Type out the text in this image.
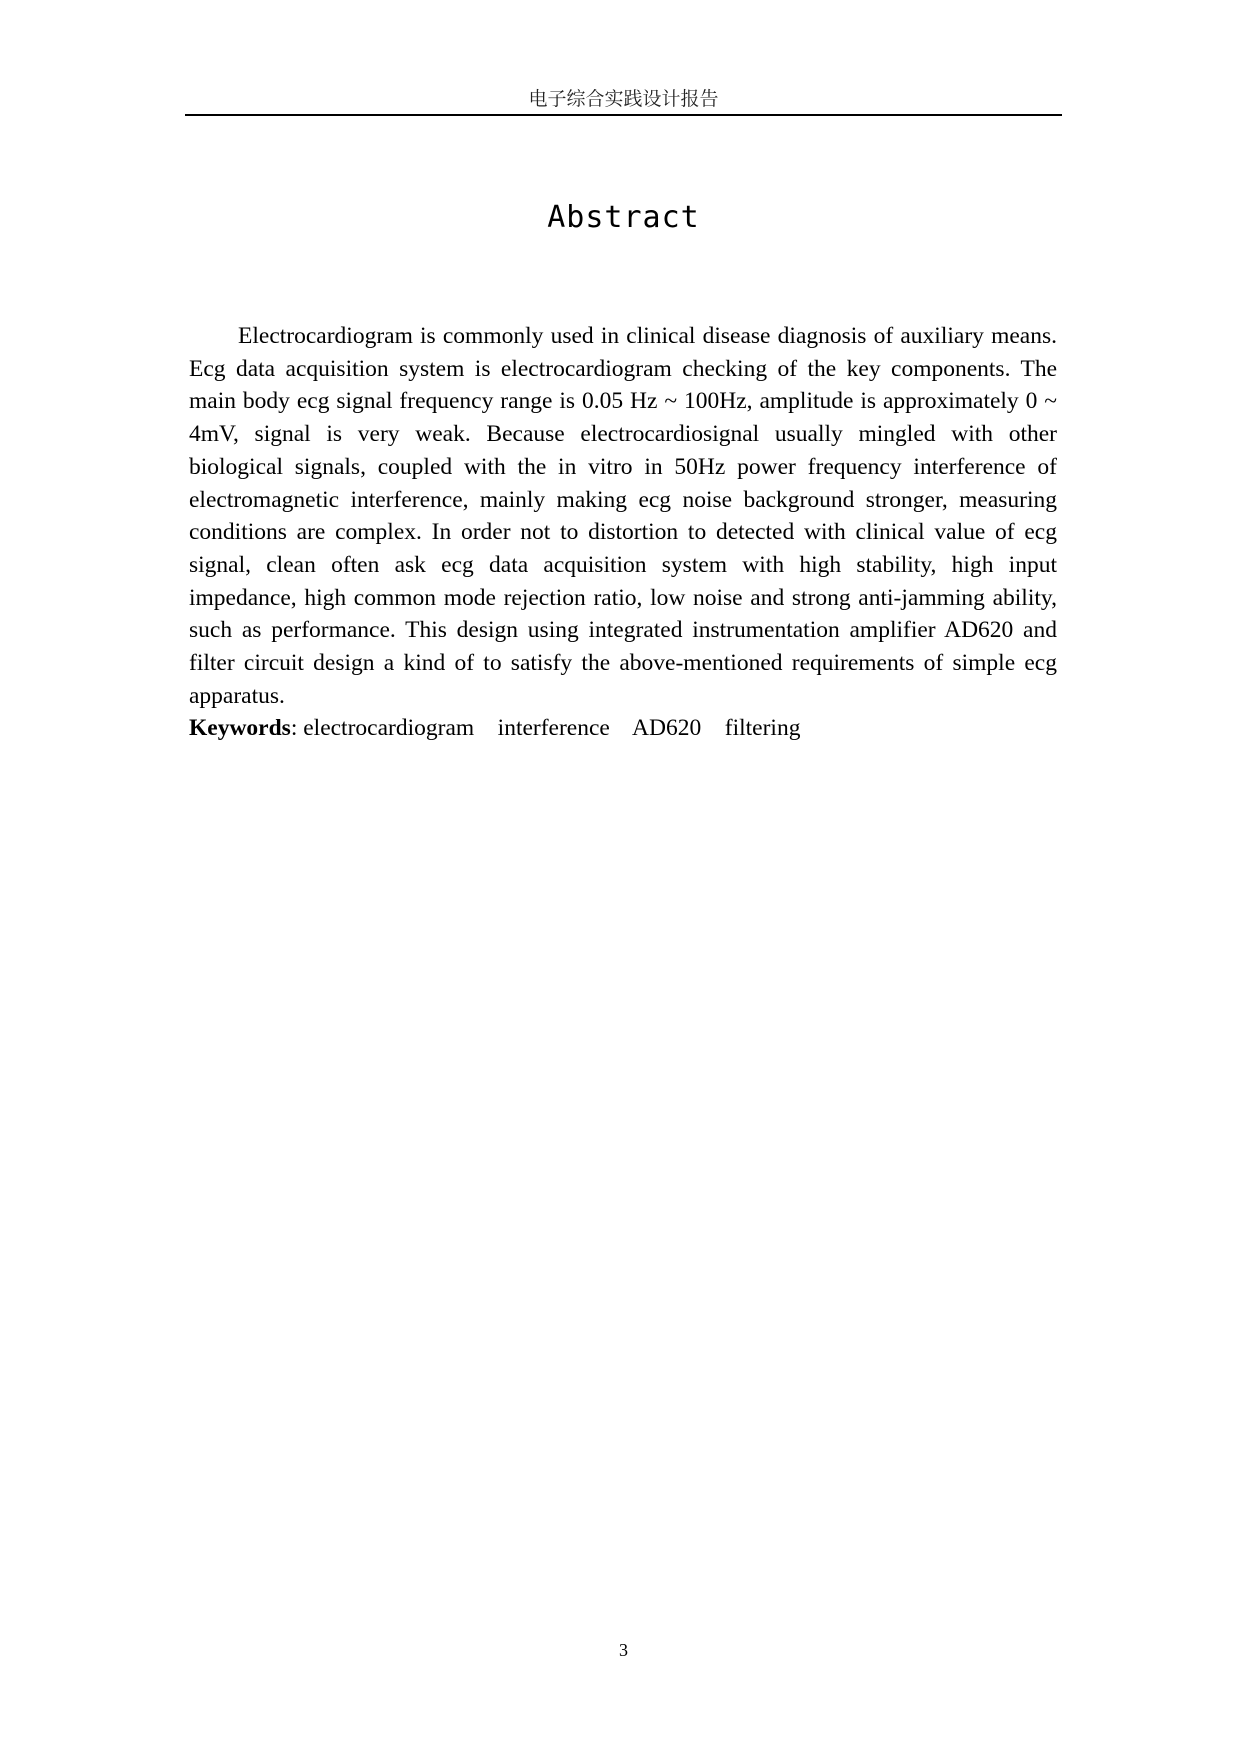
电子综合实践设计报告
Abstract

Electrocardiogram is commonly used in clinical disease diagnosis of auxiliary means. Ecg data acquisition system is electrocardiogram checking of the key components. The main body ecg signal frequency range is 0.05 Hz ~ 100Hz, amplitude is approximately 0 ~ 4mV, signal is very weak. Because electrocardiosignal usually mingled with other biological signals, coupled with the in vitro in 50Hz power frequency interference of electromagnetic interference, mainly making ecg noise background stronger, measuring conditions are complex. In order not to distortion to detected with clinical value of ecg signal, clean often ask ecg data acquisition system with high stability, high input impedance, high common mode rejection ratio, low noise and strong anti-jamming ability, such as performance. This design using integrated instrumentation amplifier AD620 and filter circuit design a kind of to satisfy the above-mentioned requirements of simple ecg apparatus.

Keywords: electrocardiogram    interference    AD620    filtering

3
